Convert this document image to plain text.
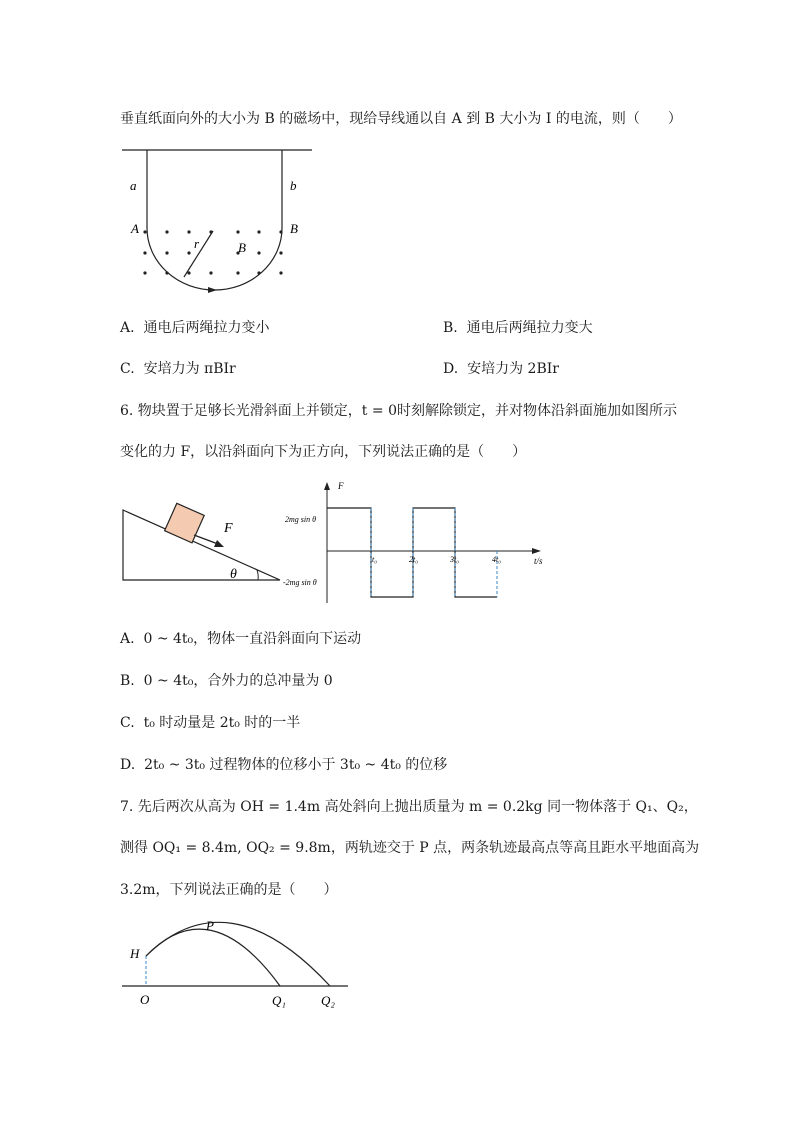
垂直纸面向外的大小为 B 的磁场中，现给导线通以自 A 到 B 大小为 I 的电流，则（　　）
a	b
A	B
r	B
A. 通电后两绳拉力变小	B. 通电后两绳拉力变大
C. 安培力为 πBIr	D. 安培力为 2BIr
6. 物块置于足够长光滑斜面上并锁定，t = 0时刻解除锁定，并对物体沿斜面施加如图所示
变化的力 F，以沿斜面向下为正方向，下列说法正确的是（　　）
F
θ
F
t/s
2mg sin θ
-2mg sin θ
t₀	2t₀	3t₀	4t₀
A. 0 ~ 4t₀，物体一直沿斜面向下运动
B. 0 ~ 4t₀，合外力的总冲量为 0
C. t₀ 时动量是 2t₀ 时的一半
D. 2t₀ ~ 3t₀ 过程物体的位移小于 3t₀ ~ 4t₀ 的位移
7. 先后两次从高为 OH = 1.4m 高处斜向上抛出质量为 m = 0.2kg 同一物体落于 Q₁、Q₂，
测得 OQ₁ = 8.4m, OQ₂ = 9.8m，两轨迹交于 P 点，两条轨迹最高点等高且距水平地面高为
3.2m，下列说法正确的是（　　）
H
P
O	Q₁	Q₂
